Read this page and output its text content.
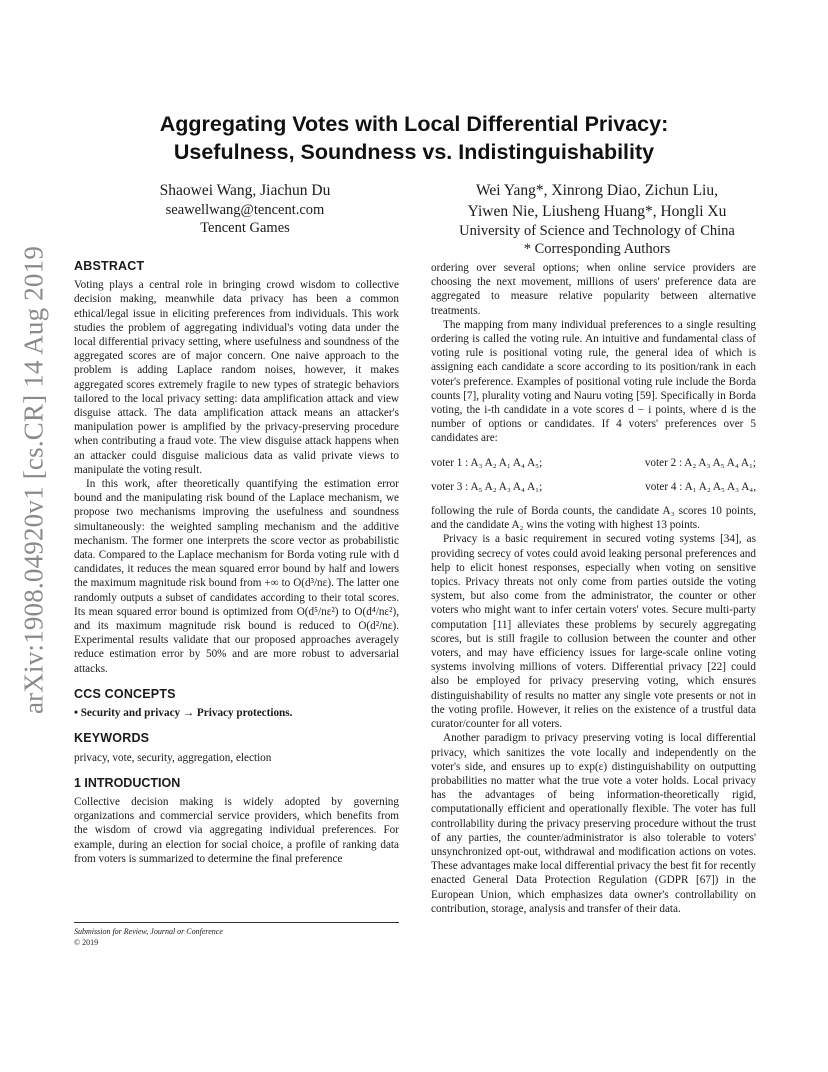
arXiv:1908.04920v1 [cs.CR] 14 Aug 2019
Aggregating Votes with Local Differential Privacy:
Usefulness, Soundness vs. Indistinguishability
Shaowei Wang, Jiachun Du
seawellwang@tencent.com
Tencent Games
Wei Yang*, Xinrong Diao, Zichun Liu,
Yiwen Nie, Liusheng Huang*, Hongli Xu
University of Science and Technology of China
* Corresponding Authors
ABSTRACT

Voting plays a central role in bringing crowd wisdom to collective decision making, meanwhile data privacy has been a common ethical/legal issue in eliciting preferences from individuals. This work studies the problem of aggregating individual's voting data under the local differential privacy setting, where usefulness and soundness of the aggregated scores are of major concern. One naive approach to the problem is adding Laplace random noises, however, it makes aggregated scores extremely fragile to new types of strategic behaviors tailored to the local privacy setting: data amplification attack and view disguise attack. The data amplification attack means an attacker's manipulation power is amplified by the privacy-preserving procedure when contributing a fraud vote. The view disguise attack happens when an attacker could disguise malicious data as valid private views to manipulate the voting result.

In this work, after theoretically quantifying the estimation error bound and the manipulating risk bound of the Laplace mechanism, we propose two mechanisms improving the usefulness and soundness simultaneously: the weighted sampling mechanism and the additive mechanism. The former one interprets the score vector as probabilistic data. Compared to the Laplace mechanism for Borda voting rule with d candidates, it reduces the mean squared error bound by half and lowers the maximum magnitude risk bound from +∞ to O(d³/nε). The latter one randomly outputs a subset of candidates according to their total scores. Its mean squared error bound is optimized from O(d⁵/nε²) to O(d⁴/nε²), and its maximum magnitude risk bound is reduced to O(d²/nε). Experimental results validate that our proposed approaches averagely reduce estimation error by 50% and are more robust to adversarial attacks.

CCS CONCEPTS

• Security and privacy → Privacy protections.

KEYWORDS

privacy, vote, security, aggregation, election

1 INTRODUCTION

Collective decision making is widely adopted by governing organizations and commercial service providers, which benefits from the wisdom of crowd via aggregating individual preferences. For example, during an election for social choice, a profile of ranking data from voters is summarized to determine the final preference

Submission for Review, Journal or Conference
© 2019

ordering over several options; when online service providers are choosing the next movement, millions of users' preference data are aggregated to measure relative popularity between alternative treatments.

The mapping from many individual preferences to a single resulting ordering is called the voting rule. An intuitive and fundamental class of voting rule is positional voting rule, the general idea of which is assigning each candidate a score according to its position/rank in each voter's preference. Examples of positional voting rule include the Borda counts [7], plurality voting and Nauru voting [59]. Specifically in Borda voting, the i-th candidate in a vote scores d − i points, where d is the number of options or candidates. If 4 voters' preferences over 5 candidates are:

voter 1 : A₃ A₂ A₁ A₄ A₅;	voter 2 : A₂ A₃ A₅ A₄ A₁;
voter 3 : A₅ A₂ A₃ A₄ A₁;	voter 4 : A₁ A₂ A₅ A₃ A₄,

following the rule of Borda counts, the candidate A₃ scores 10 points, and the candidate A₂ wins the voting with highest 13 points.

Privacy is a basic requirement in secured voting systems [34], as providing secrecy of votes could avoid leaking personal preferences and help to elicit honest responses, especially when voting on sensitive topics. Privacy threats not only come from parties outside the voting system, but also come from the administrator, the counter or other voters who might want to infer certain voters' votes. Secure multi-party computation [11] alleviates these problems by securely aggregating scores, but is still fragile to collusion between the counter and other voters, and may have efficiency issues for large-scale online voting systems involving millions of voters. Differential privacy [22] could also be employed for privacy preserving voting, which ensures distinguishability of results no matter any single vote presents or not in the voting profile. However, it relies on the existence of a trustful data curator/counter for all voters.

Another paradigm to privacy preserving voting is local differential privacy, which sanitizes the vote locally and independently on the voter's side, and ensures up to exp(ε) distinguishability on outputting probabilities no matter what the true vote a voter holds. Local privacy has the advantages of being information-theoretically rigid, computationally efficient and operationally flexible. The voter has full controllability during the privacy preserving procedure without the trust of any parties, the counter/administrator is also tolerable to voters' unsynchronized opt-out, withdrawal and modification actions on votes. These advantages make local differential privacy the best fit for recently enacted General Data Protection Regulation (GDPR [67]) in the European Union, which emphasizes data owner's controllability on contribution, storage, analysis and transfer of their data.
